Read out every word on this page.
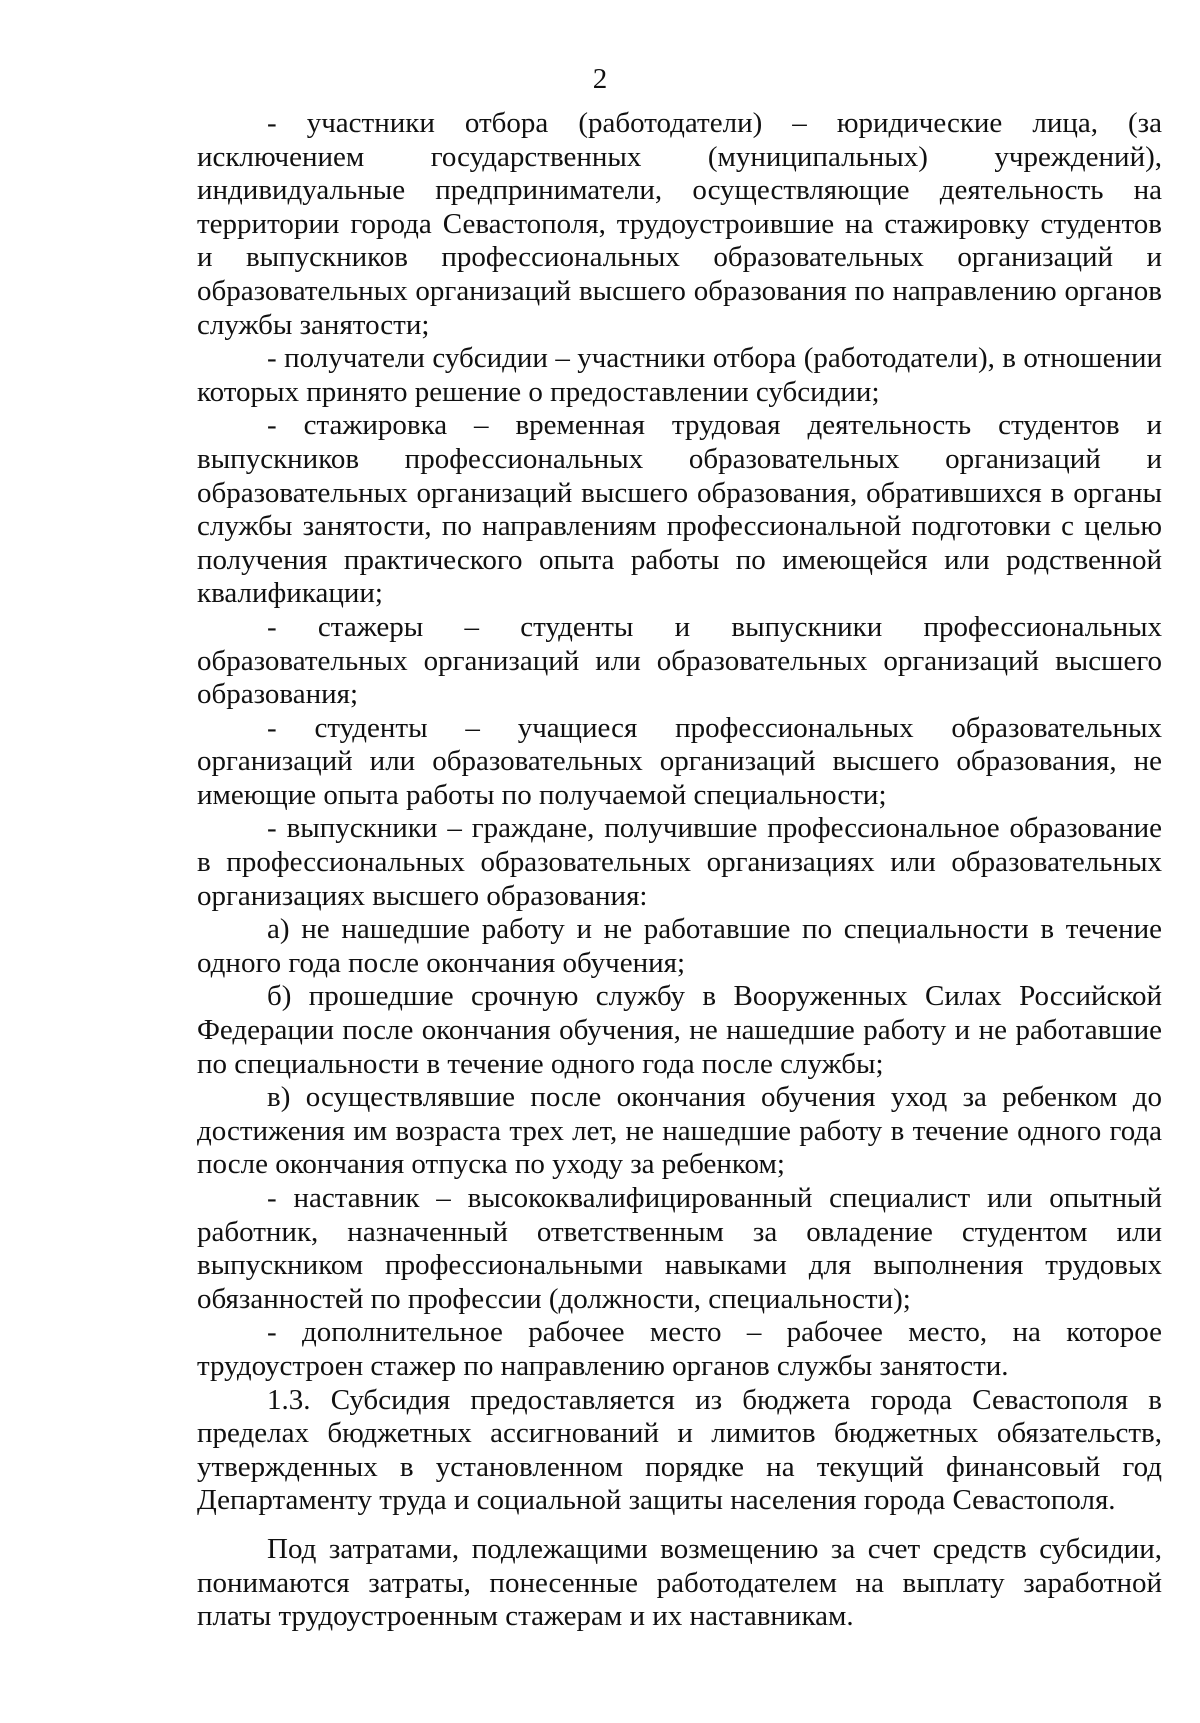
2

- участники отбора (работодатели) – юридические лица, (за исключением государственных (муниципальных) учреждений), индивидуальные предприниматели, осуществляющие деятельность на территории города Севастополя, трудоустроившие на стажировку студентов и выпускников профессиональных образовательных организаций и образовательных организаций высшего образования по направлению органов службы занятости;

- получатели субсидии – участники отбора (работодатели), в отношении которых принято решение о предоставлении субсидии;

- стажировка – временная трудовая деятельность студентов и выпускников профессиональных образовательных организаций и образовательных организаций высшего образования, обратившихся в органы службы занятости, по направлениям профессиональной подготовки с целью получения практического опыта работы по имеющейся или родственной квалификации;

- стажеры – студенты и выпускники профессиональных образовательных организаций или образовательных организаций высшего образования;

- студенты – учащиеся профессиональных образовательных организаций или образовательных организаций высшего образования, не имеющие опыта работы по получаемой специальности;

- выпускники – граждане, получившие профессиональное образование в профессиональных образовательных организациях или образовательных организациях высшего образования:

а) не нашедшие работу и не работавшие по специальности в течение одного года после окончания обучения;

б) прошедшие срочную службу в Вооруженных Силах Российской Федерации после окончания обучения, не нашедшие работу и не работавшие по специальности в течение одного года после службы;

в) осуществлявшие после окончания обучения уход за ребенком до достижения им возраста трех лет, не нашедшие работу в течение одного года после окончания отпуска по уходу за ребенком;

- наставник – высококвалифицированный специалист или опытный работник, назначенный ответственным за овладение студентом или выпускником профессиональными навыками для выполнения трудовых обязанностей по профессии (должности, специальности);

- дополнительное рабочее место – рабочее место, на которое трудоустроен стажер по направлению органов службы занятости.

1.3. Субсидия предоставляется из бюджета города Севастополя в пределах бюджетных ассигнований и лимитов бюджетных обязательств, утвержденных в установленном порядке на текущий финансовый год Департаменту труда и социальной защиты населения города Севастополя.

Под затратами, подлежащими возмещению за счет средств субсидии, понимаются затраты, понесенные работодателем на выплату заработной платы трудоустроенным стажерам и их наставникам.
